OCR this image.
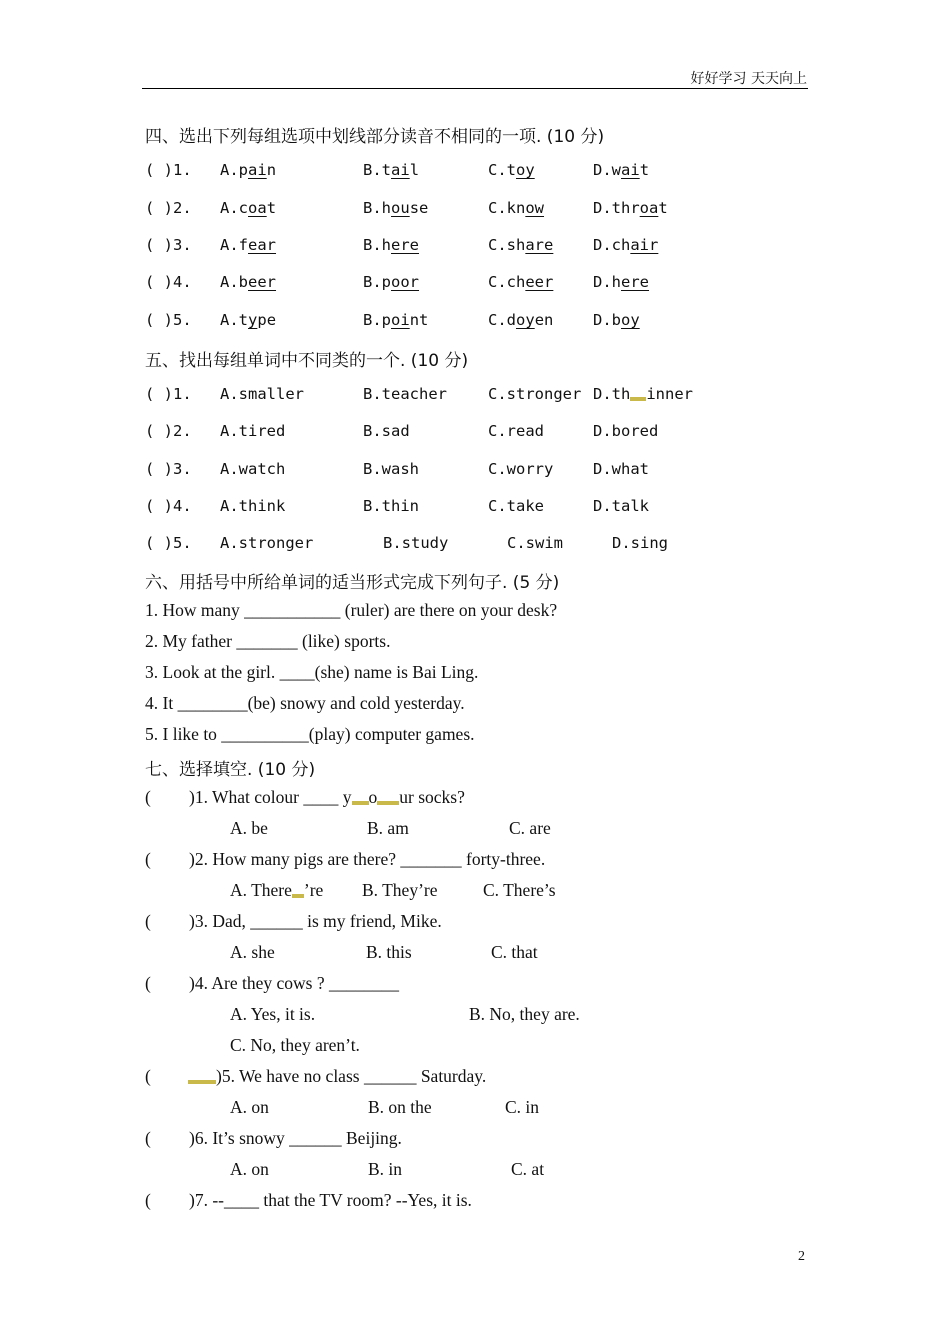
好好学习 天天向上
四、选出下列每组选项中划线部分读音不相同的一项. (10 分)
( )1. A.pain	B.tail	C.toy	D.wait
( )2. A.coat	B.house	C.know	D.throat
( )3. A.fear	B.here	C.share	D.chair
( )4. A.beer	B.poor	C.cheer	D.here
( )5. A.type	B.point	C.doyen	D.boy
五、找出每组单词中不同类的一个. (10 分)
( )1. A.smaller	B.teacher	C.stronger D.th inner
( )2. A.tired	B.sad	C.read	D.bored
( )3. A.watch	B.wash	C.worry	D.what
( )4. A.think	B.thin	C.take	D.talk
( )5. A.stronger	B.study	C.swim	D.sing
六、用括号中所给单词的适当形式完成下列句子. (5 分)
1. How many ___________ (ruler) are there on your desk?
2. My father _______ (like) sports.
3. Look at the girl. ____(she) name is Bai Ling.
4. It ________(be) snowy and cold yesterday.
5. I like to __________(play) computer games.
七、选择填空. (10 分)
( )1. What colour ____ y o ur socks?
A. be	B. am	C. are
( )2. How many pigs are there? _______ forty-three.
A. There ’re B. They’re	C. There’s
( )3. Dad, ______ is my friend, Mike.
A. she	B. this	C. that
( )4. Are they cows ? ________
A. Yes, it is.	B. No, they are.
C. No, they aren’t.
(	)5. We have no class ______ Saturday.
A. on	B. on the	C. in
( )6. It’s snowy ______ Beijing.
A. on	B. in	C. at
( )7. --____ that the TV room? --Yes, it is.
2
